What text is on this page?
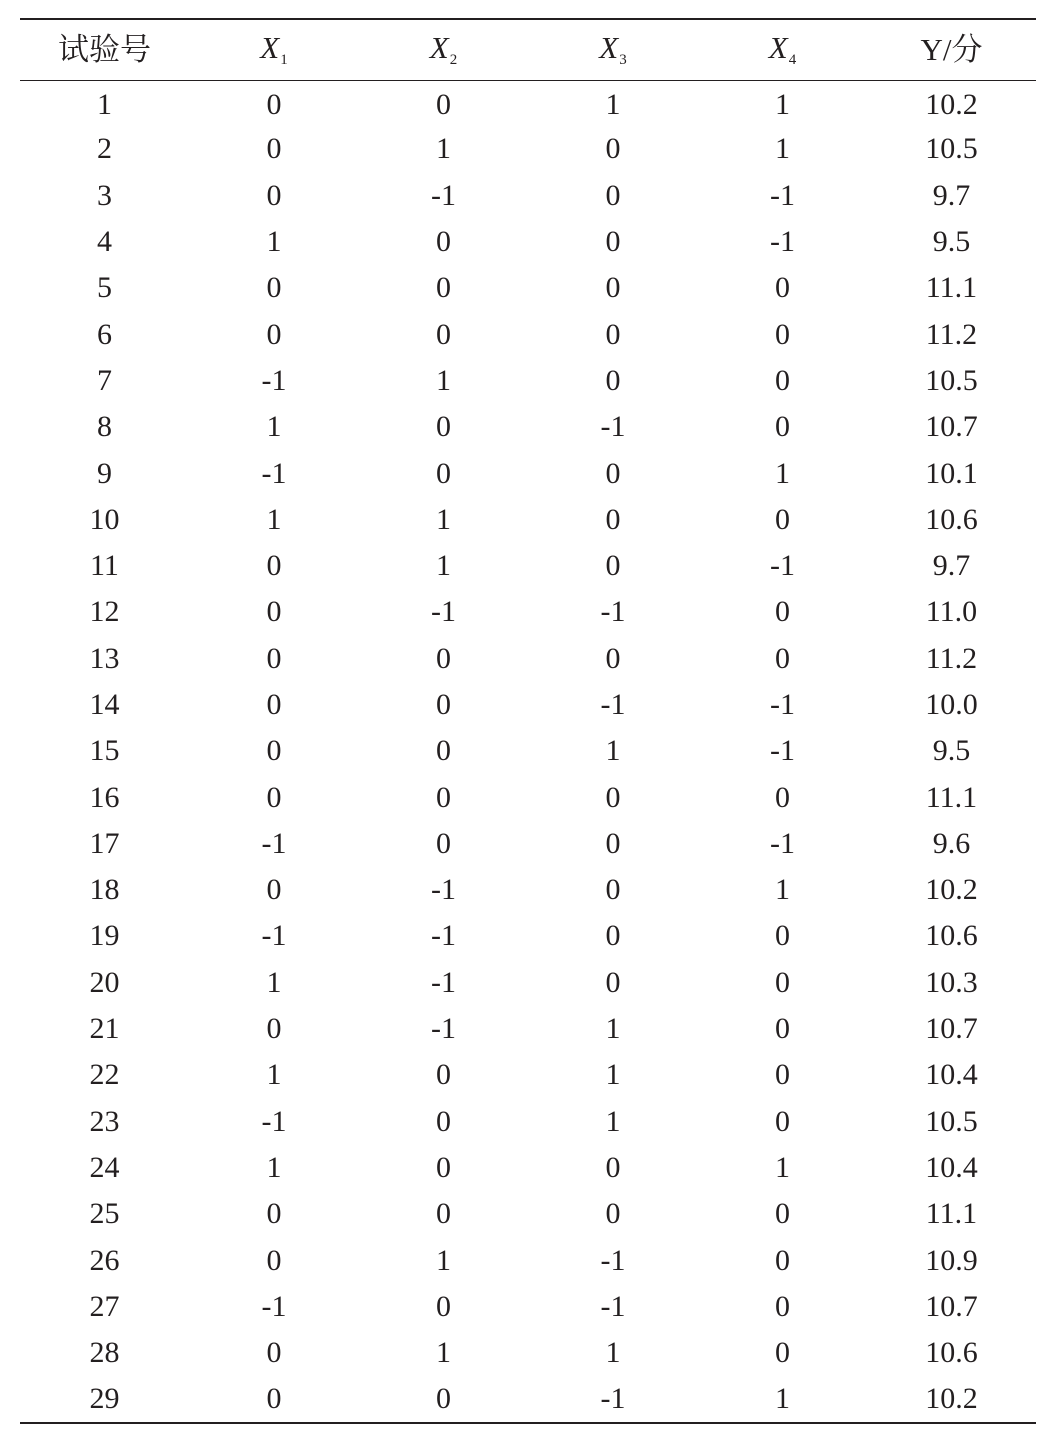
试验号	$X_1$	$X_2$	$X_3$	$X_4$	Y/分
1	0	0	1	1	10.2
2	0	1	0	1	10.5
3	0	-1	0	-1	9.7
4	1	0	0	-1	9.5
5	0	0	0	0	11.1
6	0	0	0	0	11.2
7	-1	1	0	0	10.5
8	1	0	-1	0	10.7
9	-1	0	0	1	10.1
10	1	1	0	0	10.6
11	0	1	0	-1	9.7
12	0	-1	-1	0	11.0
13	0	0	0	0	11.2
14	0	0	-1	-1	10.0
15	0	0	1	-1	9.5
16	0	0	0	0	11.1
17	-1	0	0	-1	9.6
18	0	-1	0	1	10.2
19	-1	-1	0	0	10.6
20	1	-1	0	0	10.3
21	0	-1	1	0	10.7
22	1	0	1	0	10.4
23	-1	0	1	0	10.5
24	1	0	0	1	10.4
25	0	0	0	0	11.1
26	0	1	-1	0	10.9
27	-1	0	-1	0	10.7
28	0	1	1	0	10.6
29	0	0	-1	1	10.2
